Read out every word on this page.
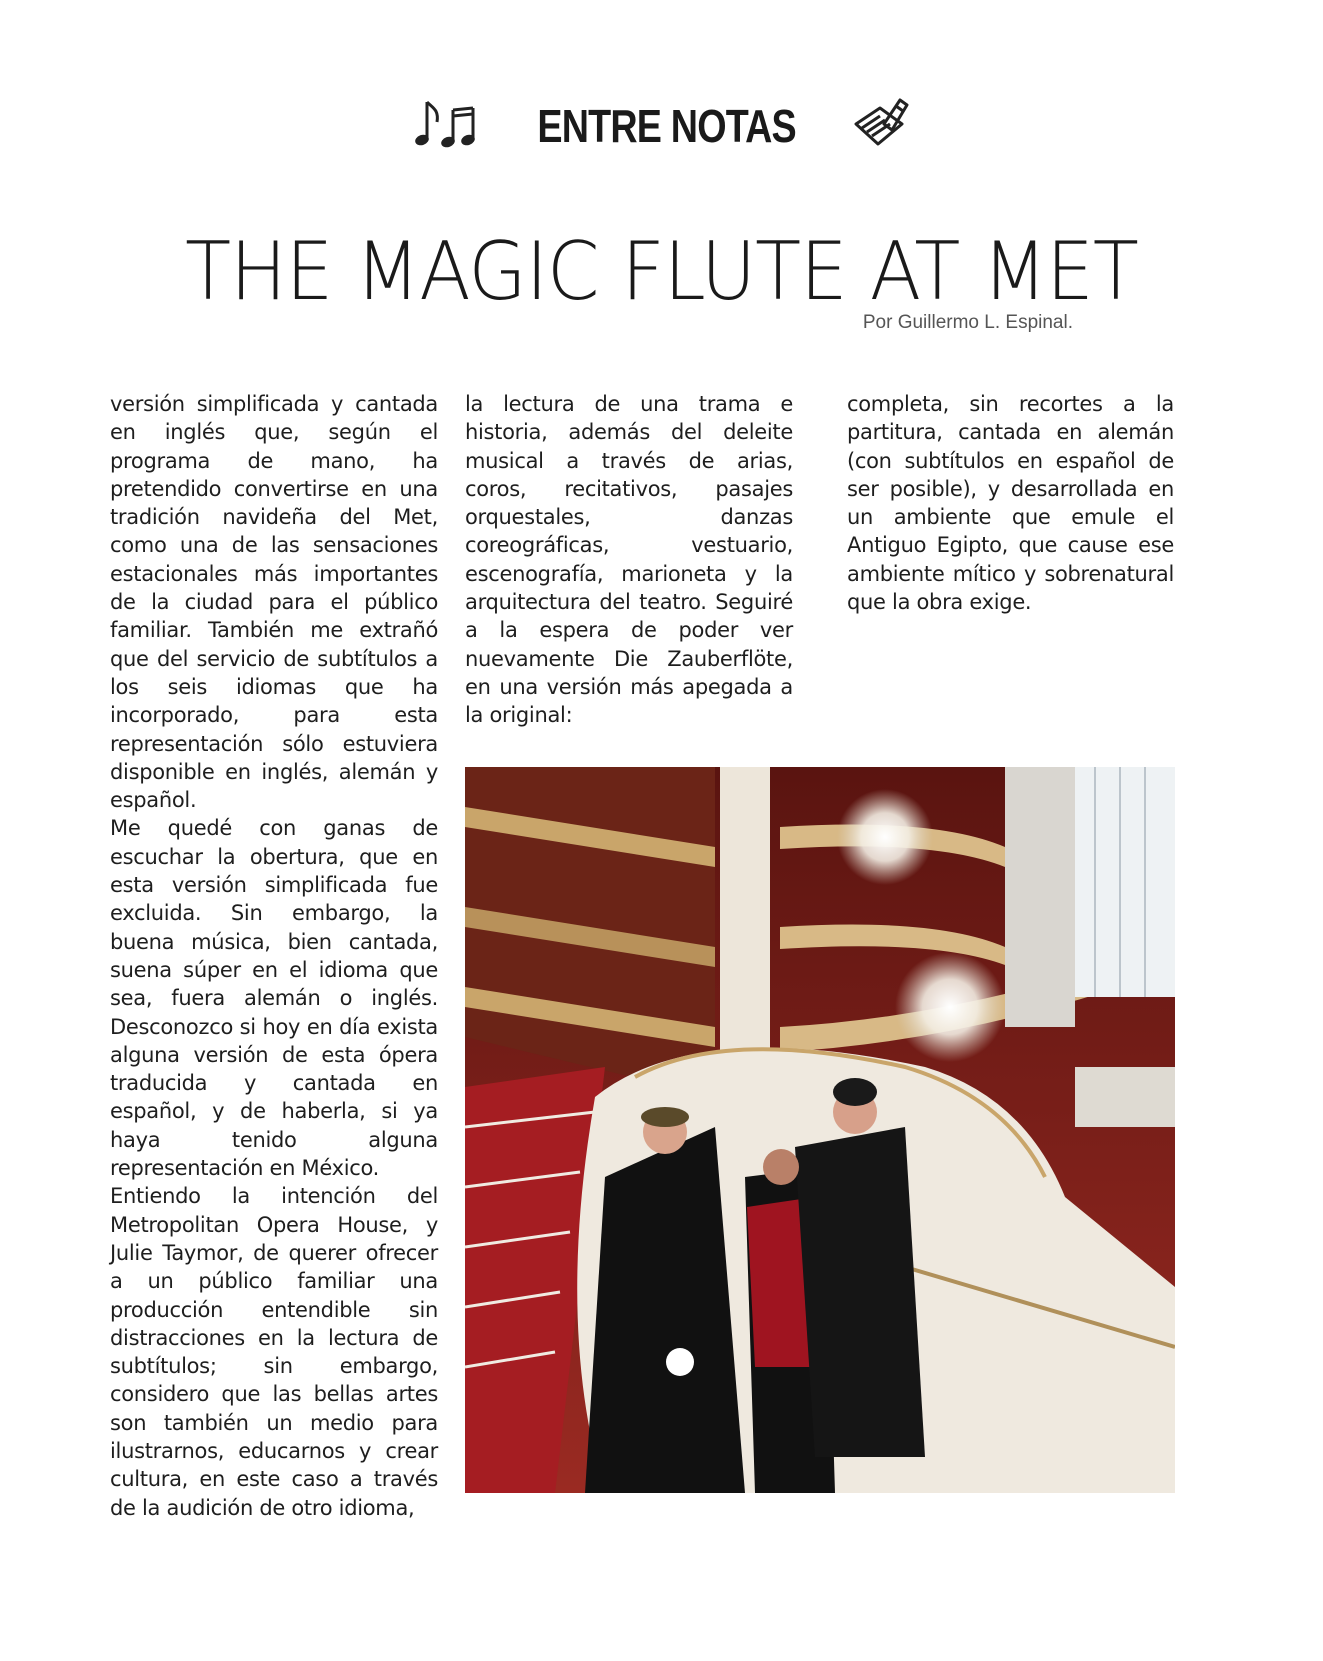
ENTRE NOTAS
THE MAGIC FLUTE AT MET
Por Guillermo L. Espinal.

versión simplificada y cantada en inglés que, según el programa de mano, ha pretendido convertirse en una tradición navideña del Met, como una de las sensaciones estacionales más importantes de la ciudad para el público familiar. También me extrañó que del servicio de subtítulos a los seis idiomas que ha incorporado, para esta representación sólo estuviera disponible en inglés, alemán y español.

Me quedé con ganas de escuchar la obertura, que en esta versión simplificada fue excluida. Sin embargo, la buena música, bien cantada, suena súper en el idioma que sea, fuera alemán o inglés. Desconozco si hoy en día exista alguna versión de esta ópera traducida y cantada en español, y de haberla, si ya haya tenido alguna representación en México.

Entiendo la intención del Metropolitan Opera House, y Julie Taymor, de querer ofrecer a un público familiar una producción entendible sin distracciones en la lectura de subtítulos; sin embargo, considero que las bellas artes son también un medio para ilustrarnos, educarnos y crear cultura, en este caso a través de la audición de otro idioma,

la lectura de una trama e historia, además del deleite musical a través de arias, coros, recitativos, pasajes orquestales, danzas coreográficas, vestuario, escenografía, marioneta y la arquitectura del teatro. Seguiré a la espera de poder ver nuevamente Die Zauberflöte, en una versión más apegada a la original:

completa, sin recortes a la partitura, cantada en alemán (con subtítulos en español de ser posible), y desarrollada en un ambiente que emule el Antiguo Egipto, que cause ese ambiente mítico y sobrenatural que la obra exige.
